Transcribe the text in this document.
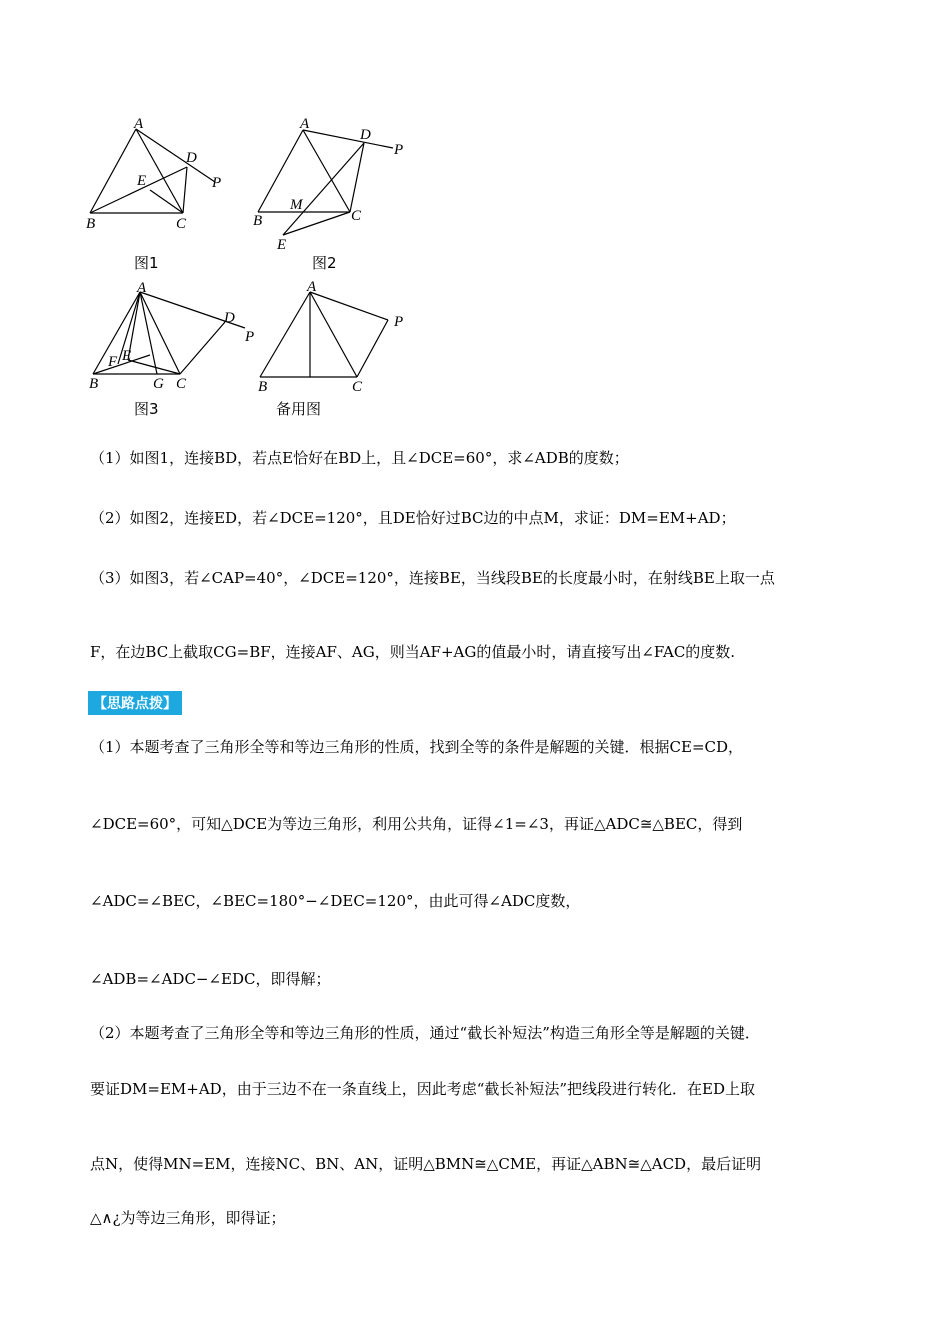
A
B	C
D
E	P
图1
A
B	C
D
E
M
P
图2
A
B	C
D
E
F
G
P
图3
A
B	C
P
备用图
（1）如图1，连接BD，若点E恰好在BD上，且∠DCE=60°，求∠ADB的度数；
（2）如图2，连接ED，若∠DCE=120°，且DE恰好过BC边的中点M，求证：DM=EM+AD；
（3）如图3，若∠CAP=40°，∠DCE=120°，连接BE，当线段BE的长度最小时，在射线BE上取一点
F，在边BC上截取CG=BF，连接AF、AG，则当AF+AG的值最小时，请直接写出∠FAC的度数.
【思路点拨】
（1）本题考查了三角形全等和等边三角形的性质，找到全等的条件是解题的关键．根据CE=CD，
∠DCE=60°，可知△DCE为等边三角形，利用公共角，证得∠1=∠3，再证△ADC≅△BEC，得到
∠ADC=∠BEC，∠BEC=180°−∠DEC=120°，由此可得∠ADC度数，
∠ADB=∠ADC−∠EDC，即得解；
（2）本题考查了三角形全等和等边三角形的性质，通过“截长补短法”构造三角形全等是解题的关键．
要证DM=EM+AD，由于三边不在一条直线上，因此考虑“截长补短法”把线段进行转化．在ED上取
点N，使得MN=EM，连接NC、BN、AN，证明△BMN≅△CME，再证△ABN≅△ACD，最后证明
△∧¿为等边三角形，即得证；
